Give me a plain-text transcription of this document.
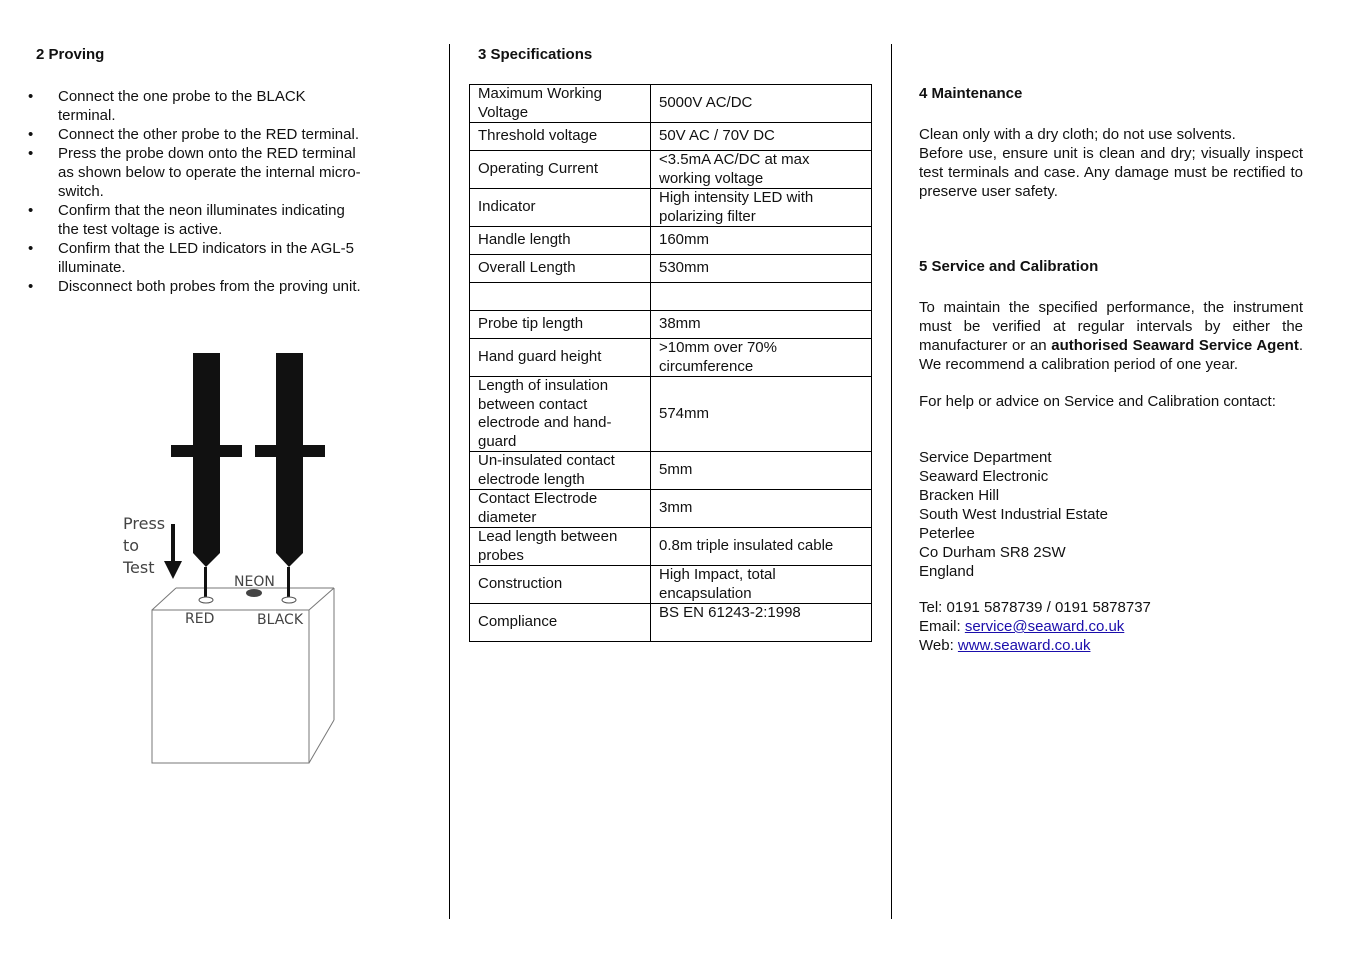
2 Proving
• Connect the one probe to the BLACK terminal.
• Connect the other probe to the RED terminal.
• Press the probe down onto the RED terminal as shown below to operate the internal micro-switch.
• Confirm that the neon illuminates indicating the test voltage is active.
• Confirm that the LED indicators in the AGL-5 illuminate.
• Disconnect both probes from the proving unit.
Press
to
Test
NEON
RED	BLACK
3 Specifications
Maximum Working Voltage	5000V AC/DC
Threshold voltage	50V AC / 70V DC
Operating Current	<3.5mA AC/DC at max working voltage
Indicator	High intensity LED with polarizing filter
Handle length	160mm
Overall Length	530mm

Probe tip length	38mm
Hand guard height	>10mm over 70% circumference
Length of insulation between contact electrode and hand-guard	574mm
Un-insulated contact electrode length	5mm
Contact Electrode diameter	3mm
Lead length between probes	0.8m triple insulated cable
Construction	High Impact, total encapsulation
Compliance	BS EN 61243-2:1998
4 Maintenance
Clean only with a dry cloth; do not use solvents.
Before use, ensure unit is clean and dry; visually inspect test terminals and case. Any damage must be rectified to preserve user safety.
5 Service and Calibration
To maintain the specified performance, the instrument must be verified at regular intervals by either the manufacturer or an authorised Seaward Service Agent. We recommend a calibration period of one year.
For help or advice on Service and Calibration contact:
Service Department
Seaward Electronic
Bracken Hill
South West Industrial Estate
Peterlee
Co Durham SR8 2SW
England
Tel: 0191 5878739 / 0191 5878737
Email: service@seaward.co.uk
Web: www.seaward.co.uk
